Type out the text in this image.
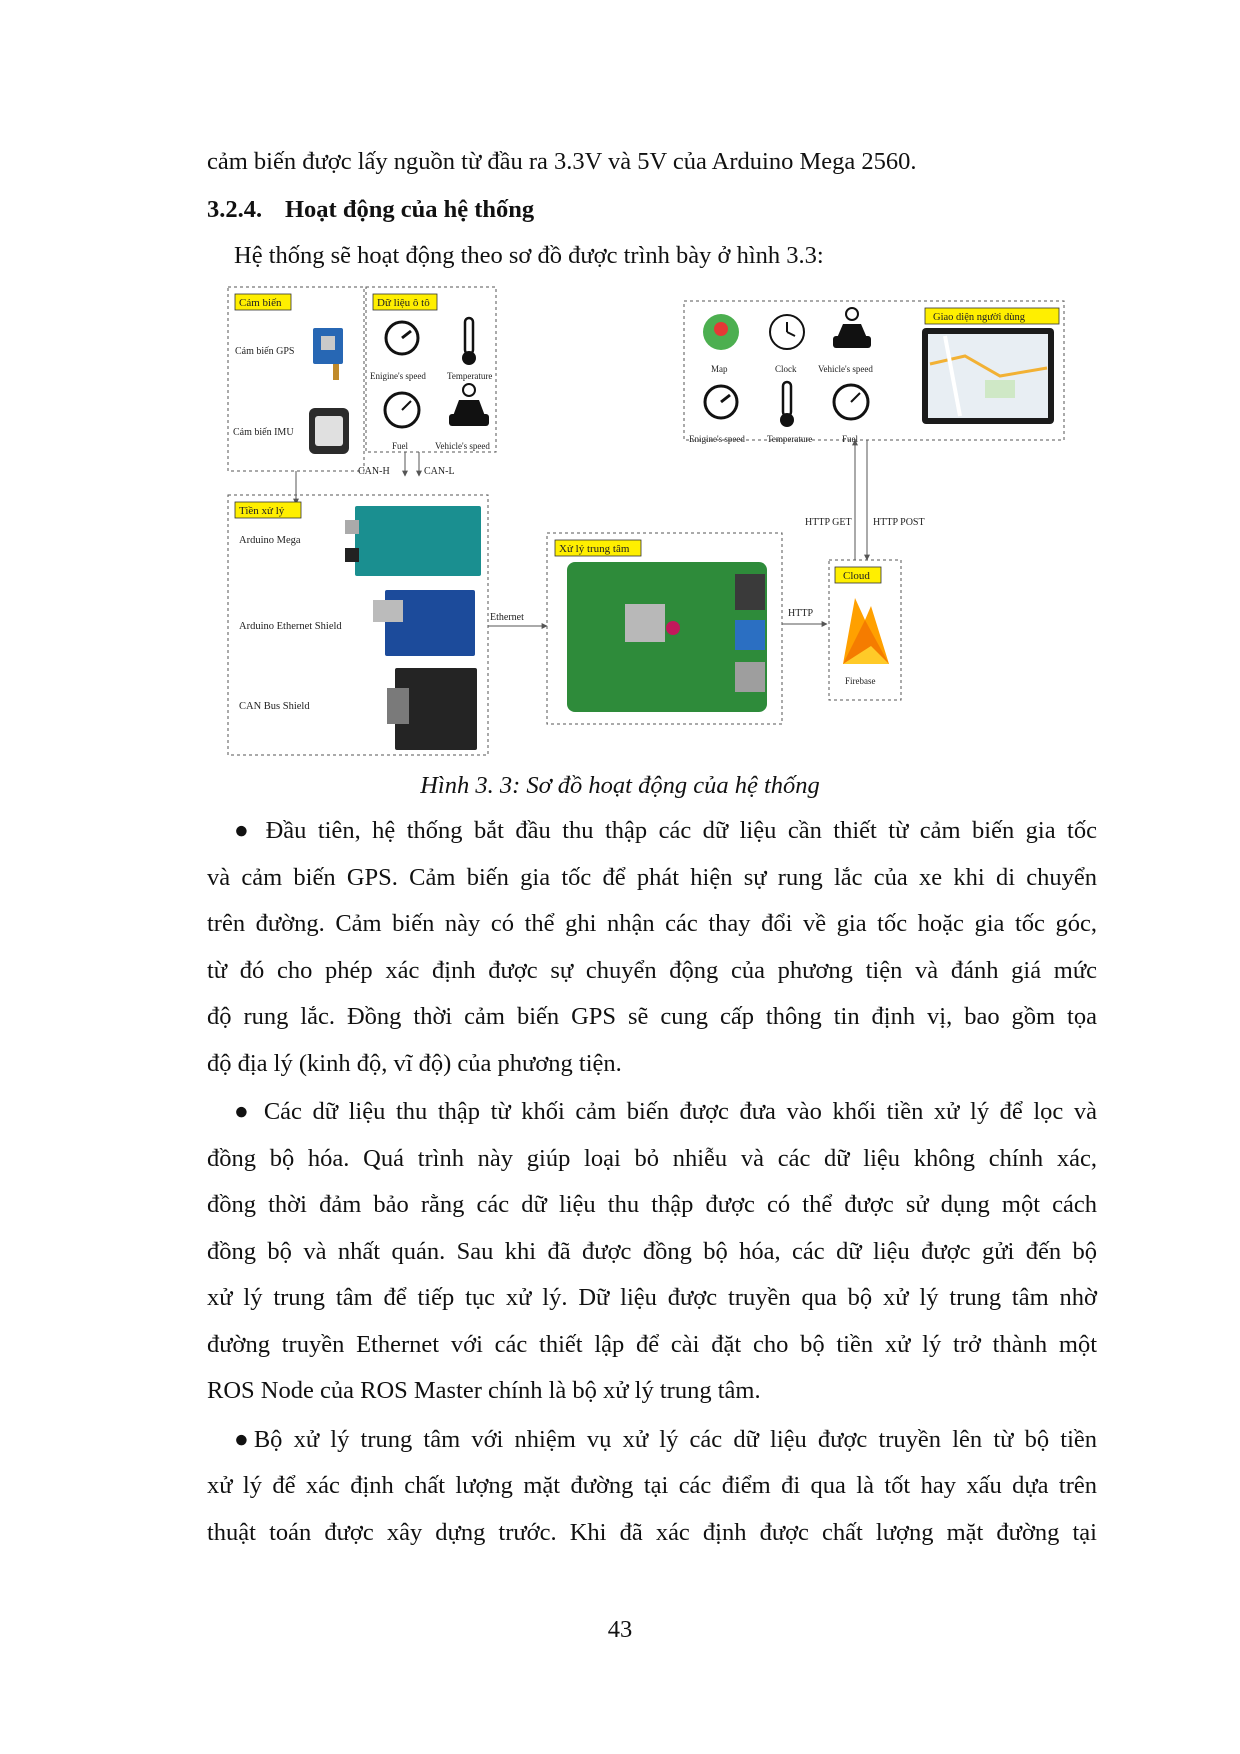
cảm biến được lấy nguồn từ đầu ra 3.3V và 5V của Arduino Mega 2560.
3.2.4. Hoạt động của hệ thống
Hệ thống sẽ hoạt động theo sơ đồ được trình bày ở hình 3.3:
Cảm biến
Cảm biến GPS
Cảm biến IMU
Dữ liệu ô tô
Enigine's speed Temperature
Fuel	Vehicle's speed
CAN-H	CAN-L
Tiền xử lý
Arduino Mega
Arduino Ethernet Shield
CAN Bus Shield
Ethernet
Xử lý trung tâm
HTTP
Cloud
Firebase
HTTP GET HTTP POST
Giao diện người dùng
Map	Clock Vehicle's speed
Enigine's speed Temperature	Fuel
Hình 3. 3: Sơ đồ hoạt động của hệ thống
● Đầu tiên, hệ thống bắt đầu thu thập các dữ liệu cần thiết từ cảm biến gia tốc
và cảm biến GPS. Cảm biến gia tốc để phát hiện sự rung lắc của xe khi di chuyển
trên đường. Cảm biến này có thể ghi nhận các thay đổi về gia tốc hoặc gia tốc góc,
từ đó cho phép xác định được sự chuyển động của phương tiện và đánh giá mức
độ rung lắc. Đồng thời cảm biến GPS sẽ cung cấp thông tin định vị, bao gồm tọa
độ địa lý (kinh độ, vĩ độ) của phương tiện.
● Các dữ liệu thu thập từ khối cảm biến được đưa vào khối tiền xử lý để lọc và
đồng bộ hóa. Quá trình này giúp loại bỏ nhiễu và các dữ liệu không chính xác,
đồng thời đảm bảo rằng các dữ liệu thu thập được có thể được sử dụng một cách
đồng bộ và nhất quán. Sau khi đã được đồng bộ hóa, các dữ liệu được gửi đến bộ
xử lý trung tâm để tiếp tục xử lý. Dữ liệu được truyền qua bộ xử lý trung tâm nhờ
đường truyền Ethernet với các thiết lập để cài đặt cho bộ tiền xử lý trở thành một
ROS Node của ROS Master chính là bộ xử lý trung tâm.
●Bộ xử lý trung tâm với nhiệm vụ xử lý các dữ liệu được truyền lên từ bộ tiền
xử lý để xác định chất lượng mặt đường tại các điểm đi qua là tốt hay xấu dựa trên
thuật toán được xây dựng trước. Khi đã xác định được chất lượng mặt đường tại
43
